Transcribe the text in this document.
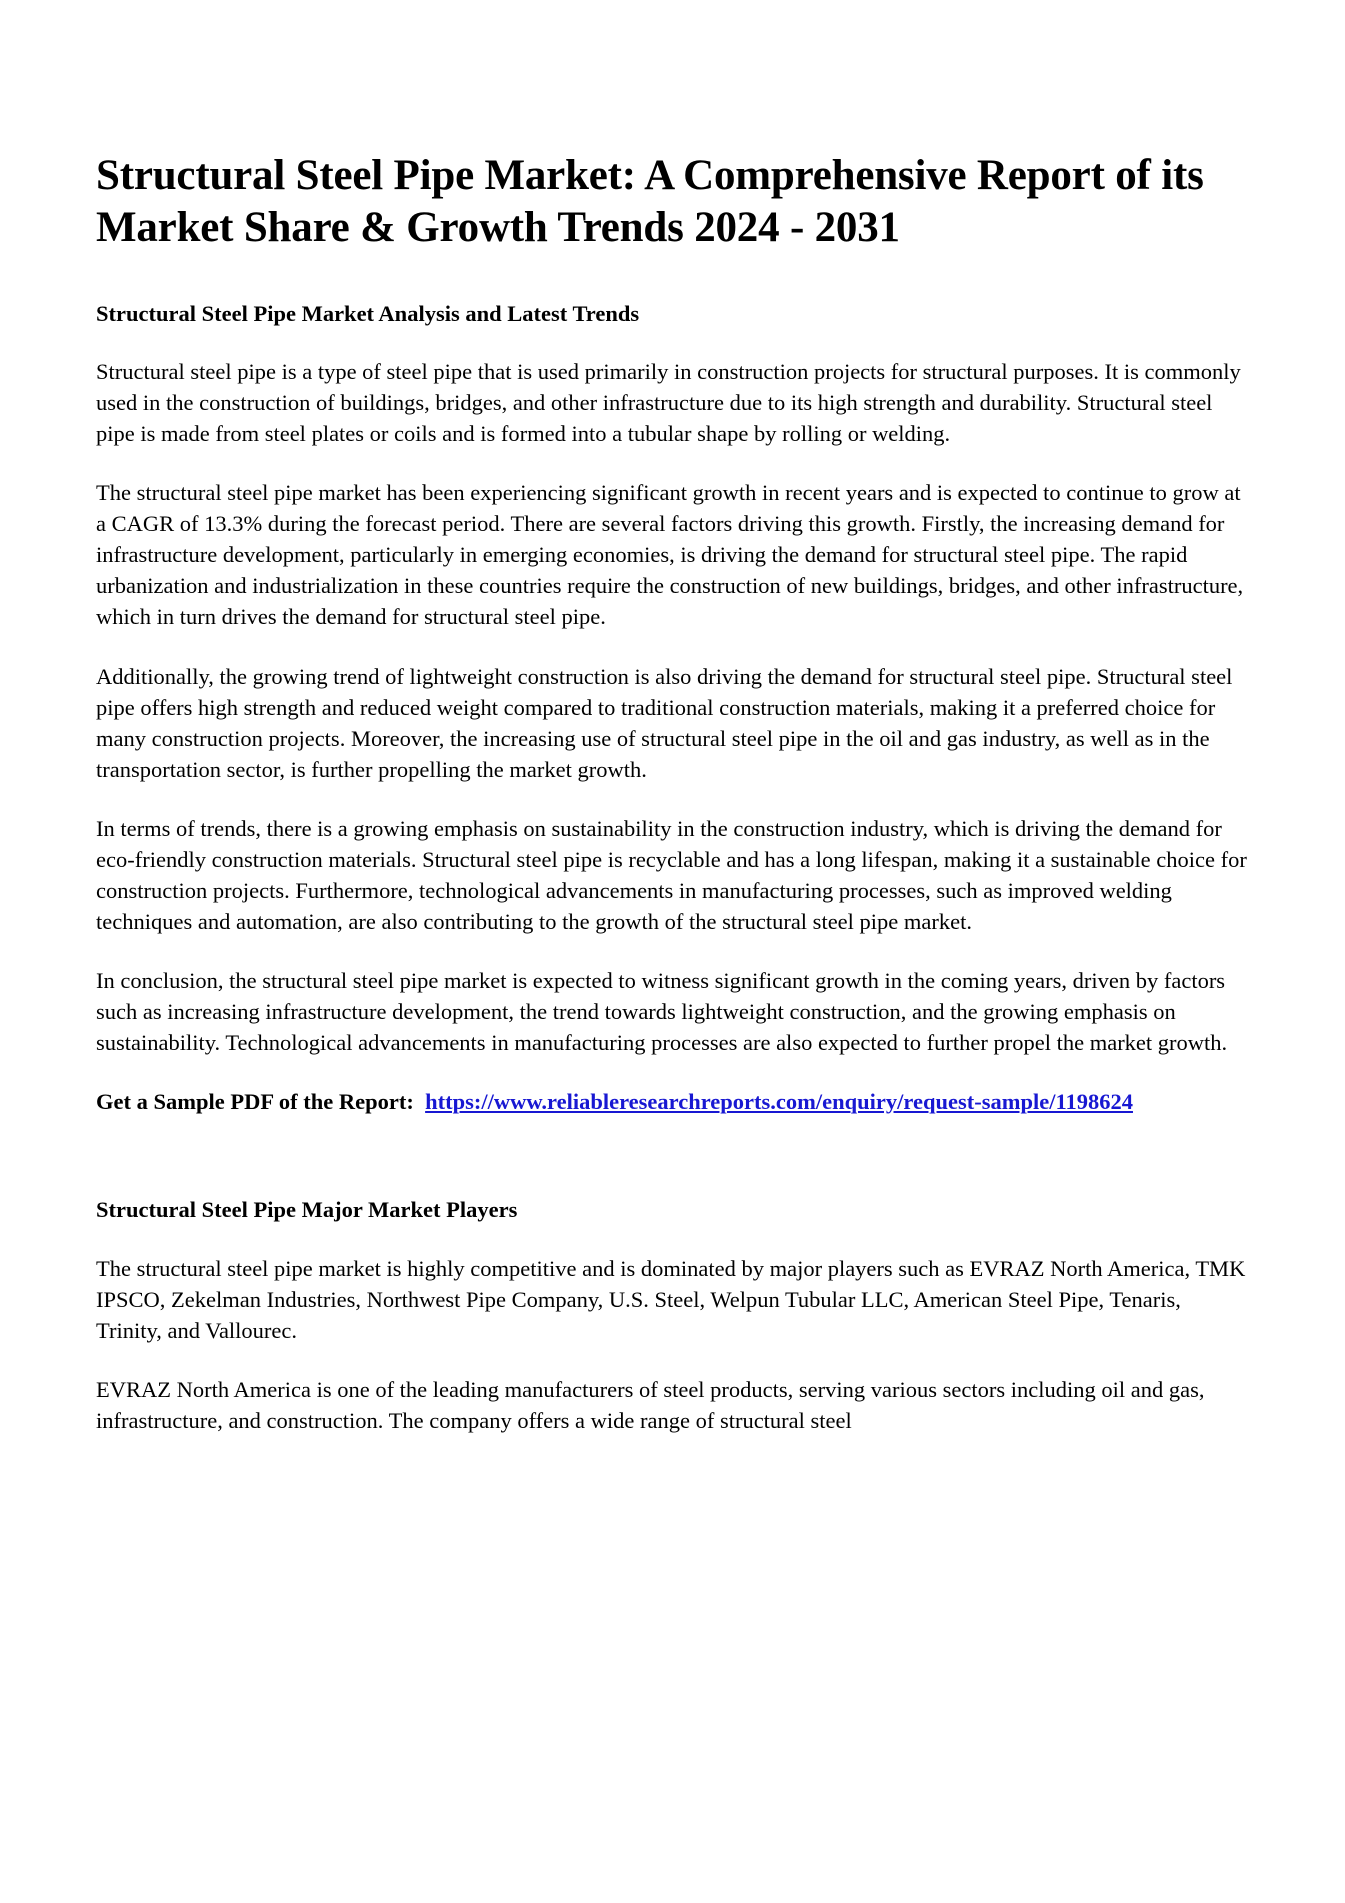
Structural Steel Pipe Market: A Comprehensive Report of its Market Share & Growth Trends 2024 - 2031
Structural Steel Pipe Market Analysis and Latest Trends

Structural steel pipe is a type of steel pipe that is used primarily in construction projects for structural purposes. It is commonly used in the construction of buildings, bridges, and other infrastructure due to its high strength and durability. Structural steel pipe is made from steel plates or coils and is formed into a tubular shape by rolling or welding.

The structural steel pipe market has been experiencing significant growth in recent years and is expected to continue to grow at a CAGR of 13.3% during the forecast period. There are several factors driving this growth. Firstly, the increasing demand for infrastructure development, particularly in emerging economies, is driving the demand for structural steel pipe. The rapid urbanization and industrialization in these countries require the construction of new buildings, bridges, and other infrastructure, which in turn drives the demand for structural steel pipe.

Additionally, the growing trend of lightweight construction is also driving the demand for structural steel pipe. Structural steel pipe offers high strength and reduced weight compared to traditional construction materials, making it a preferred choice for many construction projects. Moreover, the increasing use of structural steel pipe in the oil and gas industry, as well as in the transportation sector, is further propelling the market growth.

In terms of trends, there is a growing emphasis on sustainability in the construction industry, which is driving the demand for eco-friendly construction materials. Structural steel pipe is recyclable and has a long lifespan, making it a sustainable choice for construction projects. Furthermore, technological advancements in manufacturing processes, such as improved welding techniques and automation, are also contributing to the growth of the structural steel pipe market.

In conclusion, the structural steel pipe market is expected to witness significant growth in the coming years, driven by factors such as increasing infrastructure development, the trend towards lightweight construction, and the growing emphasis on sustainability. Technological advancements in manufacturing processes are also expected to further propel the market growth.

Get a Sample PDF of the Report: https://www.reliableresearchreports.com/enquiry/request-sample/1198624

Structural Steel Pipe Major Market Players

The structural steel pipe market is highly competitive and is dominated by major players such as EVRAZ North America, TMK IPSCO, Zekelman Industries, Northwest Pipe Company, U.S. Steel, Welpun Tubular LLC, American Steel Pipe, Tenaris, Trinity, and Vallourec.

EVRAZ North America is one of the leading manufacturers of steel products, serving various sectors including oil and gas, infrastructure, and construction. The company offers a wide range of structural steel
